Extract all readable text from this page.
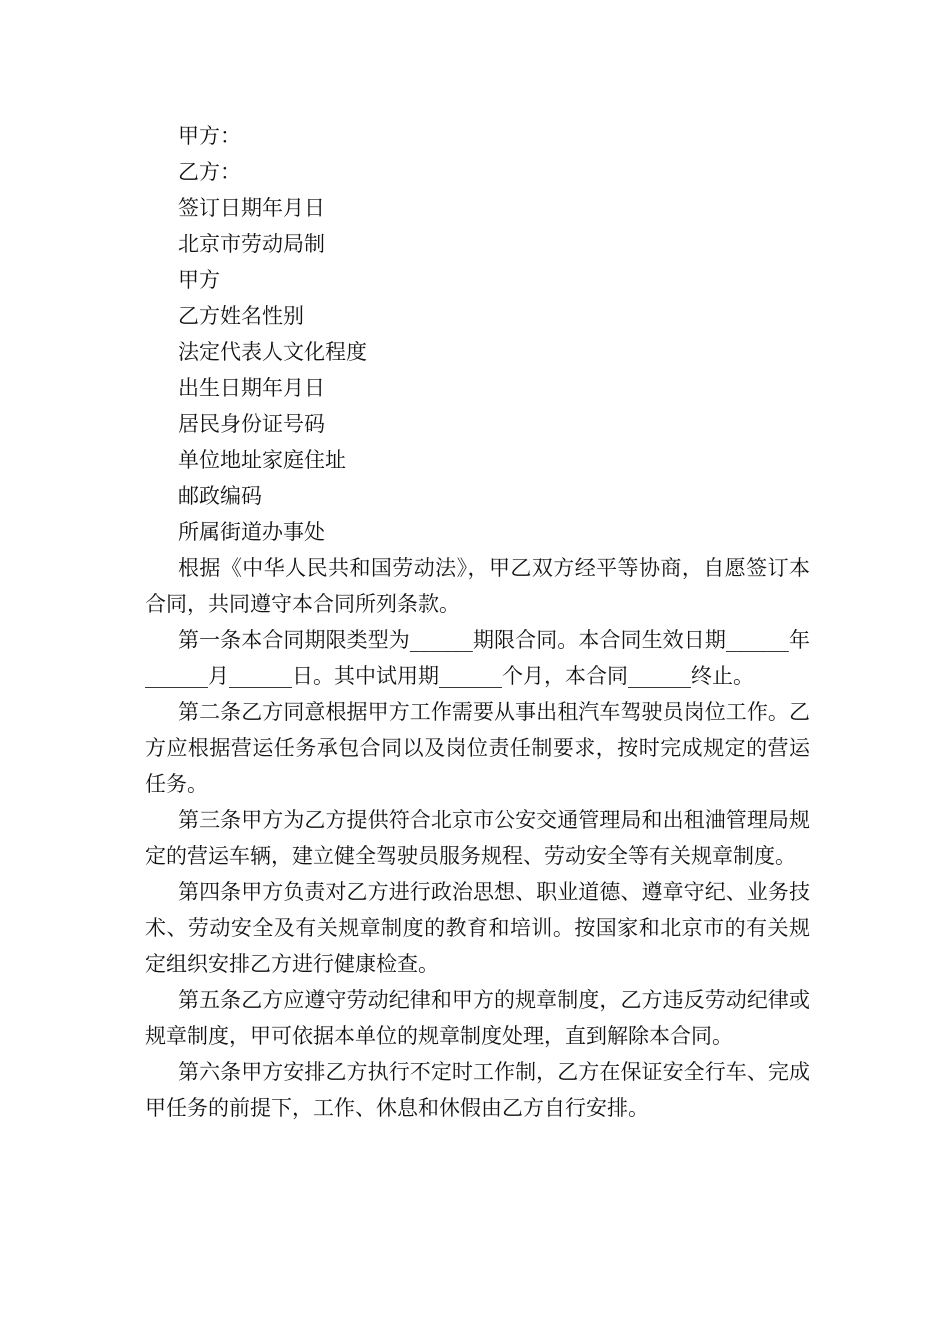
甲方：
乙方：
签订日期年月日
北京市劳动局制
甲方
乙方姓名性别
法定代表人文化程度
出生日期年月日
居民身份证号码
单位地址家庭住址
邮政编码
所属街道办事处

根据《中华人民共和国劳动法》，甲乙双方经平等协商，自愿签订本合同，共同遵守本合同所列条款。

第一条本合同期限类型为______期限合同。本合同生效日期______年______月______日。其中试用期______个月，本合同______终止。

第二条乙方同意根据甲方工作需要从事出租汽车驾驶员岗位工作。乙方应根据营运任务承包合同以及岗位责任制要求，按时完成规定的营运任务。

第三条甲方为乙方提供符合北京市公安交通管理局和出租浀管理局规定的营运车辆，建立健全驾驶员服务规程、劳动安全等有关规章制度。

第四条甲方负责对乙方进行政治思想、职业道德、遵章守纪、业务技术、劳动安全及有关规章制度的教育和培训。按国家和北京市的有关规定组织安排乙方进行健康检查。

第五条乙方应遵守劳动纪律和甲方的规章制度，乙方违反劳动纪律或规章制度，甲可依据本单位的规章制度处理，直到解除本合同。

第六条甲方安排乙方执行不定时工作制，乙方在保证安全行车、完成甲任务的前提下，工作、休息和休假由乙方自行安排。
